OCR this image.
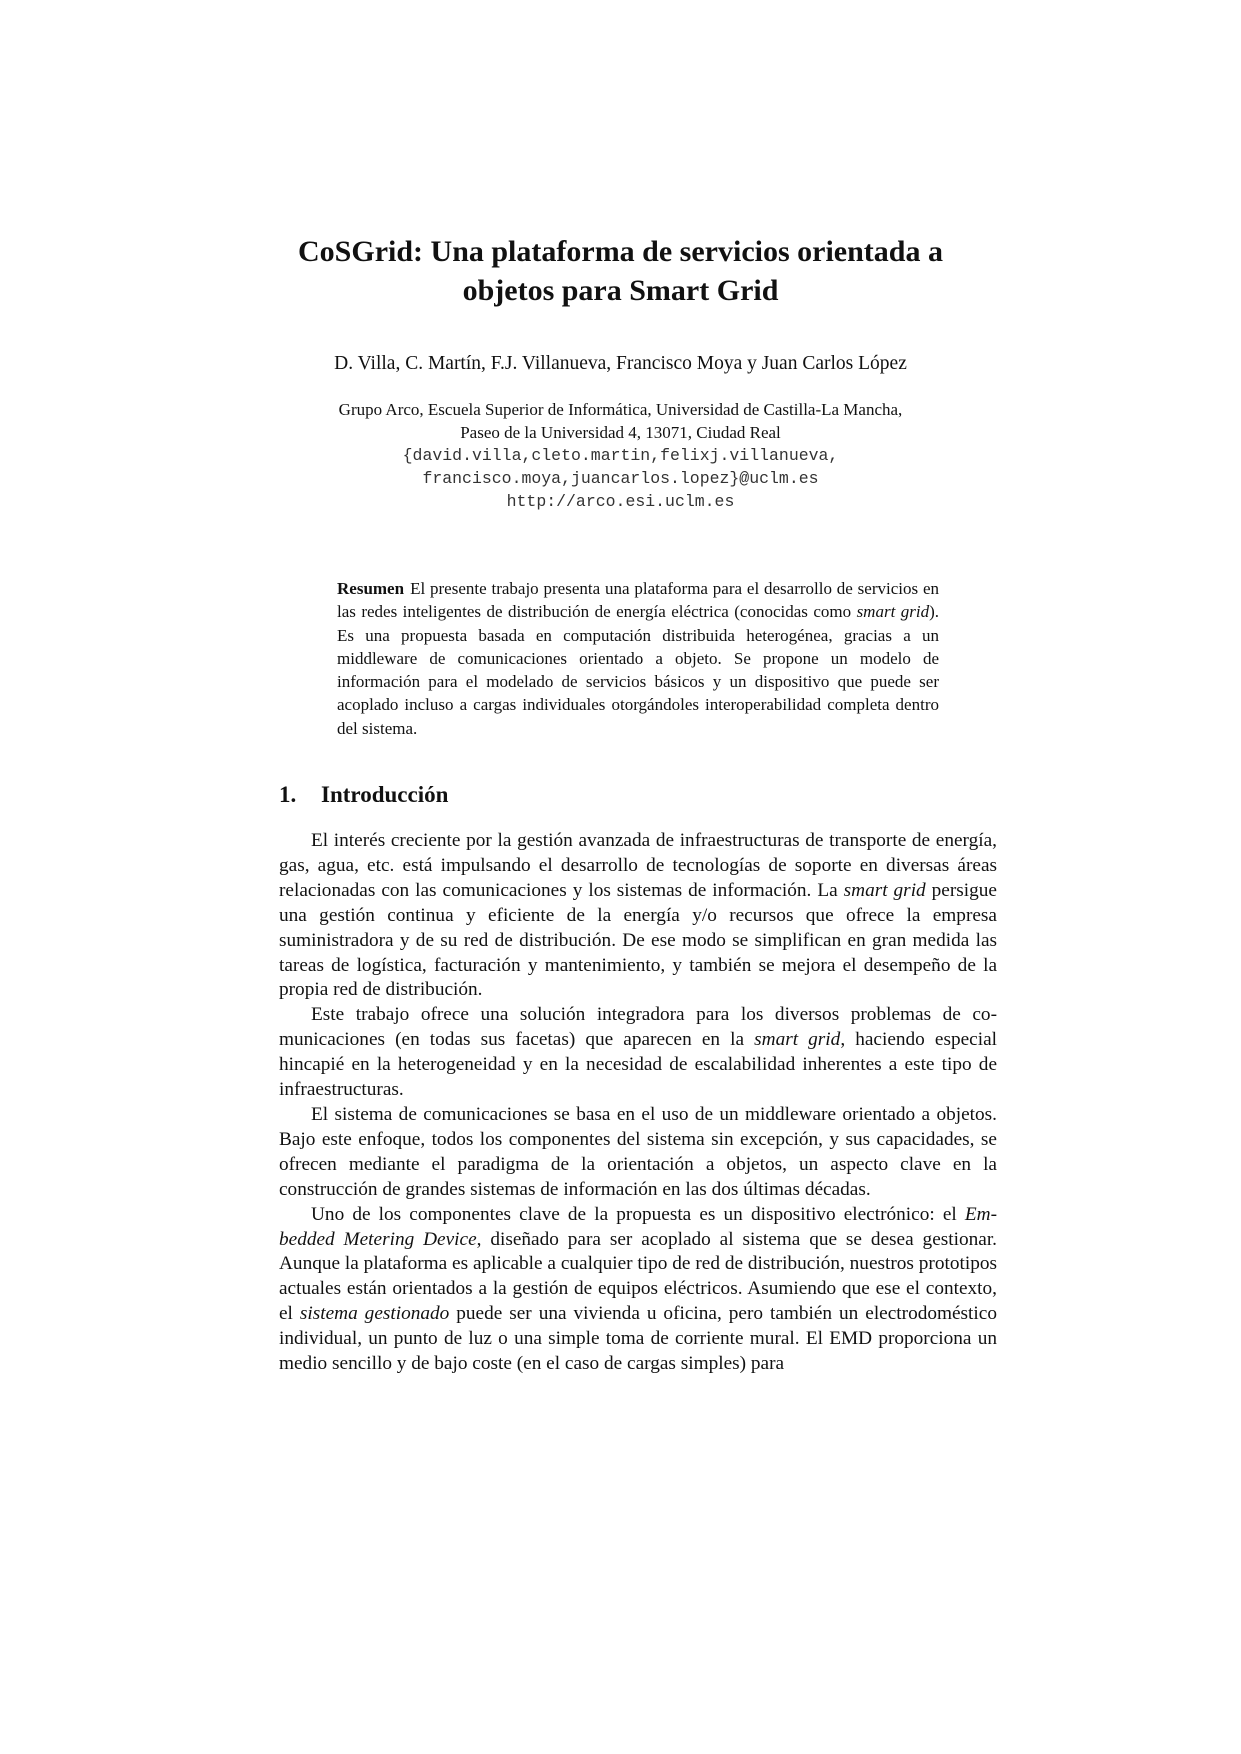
CoSGrid: Una plataforma de servicios orientada a
objetos para Smart Grid

D. Villa, C. Martín, F.J. Villanueva, Francisco Moya y Juan Carlos López

Grupo Arco, Escuela Superior de Informática, Universidad de Castilla-La Mancha,
Paseo de la Universidad 4, 13071, Ciudad Real
{david.villa,cleto.martin,felixj.villanueva,
francisco.moya,juancarlos.lopez}@uclm.es
http://arco.esi.uclm.es

Resumen El presente trabajo presenta una plataforma para el desarrollo de servicios en las redes inteligentes de distribución de energía eléctrica (conocidas como smart grid). Es una propuesta basada en computación distribuida heterogénea, gracias a un middleware de comunicaciones orientado a objeto. Se propone un modelo de información para el modelado de servicios básicos y un dispositivo que puede ser acoplado incluso a cargas individuales otorgándoles interoperabilidad completa dentro del sistema.

1. Introducción

El interés creciente por la gestión avanzada de infraestructuras de transporte de energía, gas, agua, etc. está impulsando el desarrollo de tecnologías de soporte en diversas áreas relacionadas con las comunicaciones y los sistemas de información. La smart grid persigue una gestión continua y eficiente de la energía y/o recursos que ofrece la empresa suministradora y de su red de distribución. De ese modo se simplifican en gran medida las tareas de logística, facturación y mantenimiento, y también se mejora el desempeño de la propia red de distribución.

Este trabajo ofrece una solución integradora para los diversos problemas de comunicaciones (en todas sus facetas) que aparecen en la smart grid, haciendo especial hincapié en la heterogeneidad y en la necesidad de escalabilidad inherentes a este tipo de infraestructuras.

El sistema de comunicaciones se basa en el uso de un middleware orientado a objetos. Bajo este enfoque, todos los componentes del sistema sin excepción, y sus capacidades, se ofrecen mediante el paradigma de la orientación a objetos, un aspecto clave en la construcción de grandes sistemas de información en las dos últimas décadas.

Uno de los componentes clave de la propuesta es un dispositivo electrónico: el Embedded Metering Device, diseñado para ser acoplado al sistema que se desea gestionar. Aunque la plataforma es aplicable a cualquier tipo de red de distribución, nuestros prototipos actuales están orientados a la gestión de equipos eléctricos. Asumiendo que ese el contexto, el sistema gestionado puede ser una vivienda u oficina, pero también un electrodoméstico individual, un punto de luz o una simple toma de corriente mural. El EMD proporciona un medio sencillo y de bajo coste (en el caso de cargas simples) para
